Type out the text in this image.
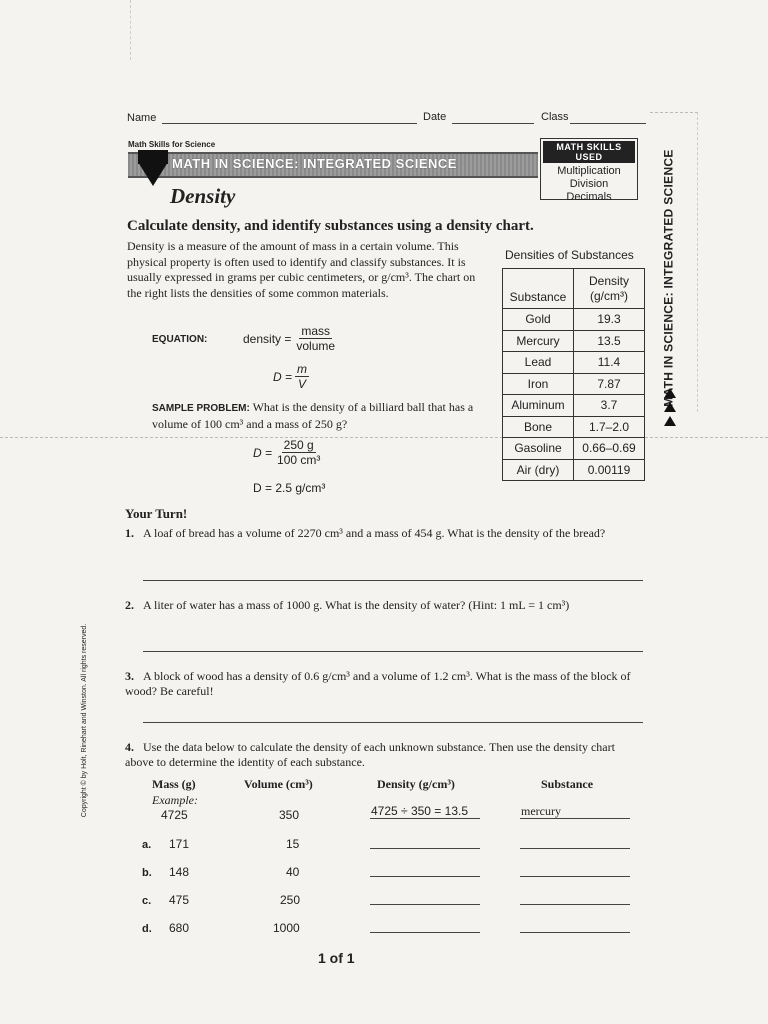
Name	Date	Class
Math Skills for Science
MATH IN SCIENCE: INTEGRATED SCIENCE
MATH SKILLS USED
Multiplication
Division
Decimals
Density
Calculate density, and identify substances using a density chart.
Density is a measure of the amount of mass in a certain volume. This physical property is often used to identify and classify substances. It is usually expressed in grams per cubic centimeters, or g/cm³. The chart on the right lists the densities of some common materials.
EQUATION:	density = $\frac{\text{mass}}{\text{volume}}$
$D = \frac{m}{V}$
SAMPLE PROBLEM: What is the density of a billiard ball that has a volume of 100 cm³ and a mass of 250 g?
$D = \frac{250 g}{\text{100 cm³}}$
D = 2.5 g/cm³
Densities of Substances
Substance	Density (g/cm³)
Gold	19.3
Mercury	13.5
Lead	11.4
Iron	7.87
Aluminum	3.7
Bone	1.7–2.0
Gasoline	0.66–0.69
Air (dry)	0.00119
MATH IN SCIENCE: INTEGRATED SCIENCE
Your Turn!
1. A loaf of bread has a volume of 2270 cm³ and a mass of 454 g. What is the density of the bread?
2. A liter of water has a mass of 1000 g. What is the density of water? (Hint: 1 mL = 1 cm³)
3. A block of wood has a density of 0.6 g/cm³ and a volume of 1.2 cm³. What is the mass of the block of wood? Be careful!
4. Use the data below to calculate the density of each unknown substance. Then use the density chart above to determine the identity of each substance.
Mass (g)	Volume (cm³)	Density (g/cm³)	Substance
Example:
4725	350	4725 ÷ 350 = 13.5	mercury
a. 171	15
b. 148	40
c. 475	250
d. 680	1000
Copyright © by Holt, Rinehart and Winston. All rights reserved.
1 of 1
